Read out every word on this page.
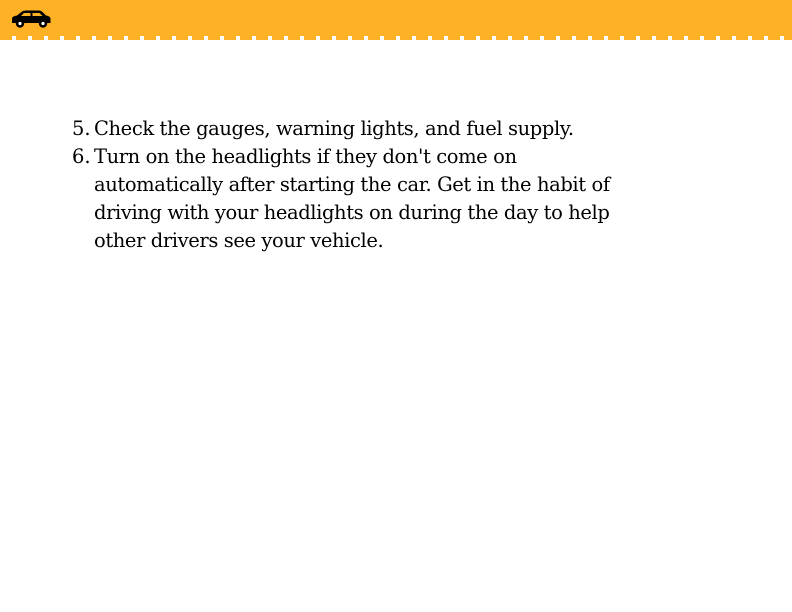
5. Check the gauges, warning lights, and fuel supply.
6. Turn on the headlights if they don't come on automatically after starting the car. Get in the habit of driving with your headlights on during the day to help other drivers see your vehicle.
